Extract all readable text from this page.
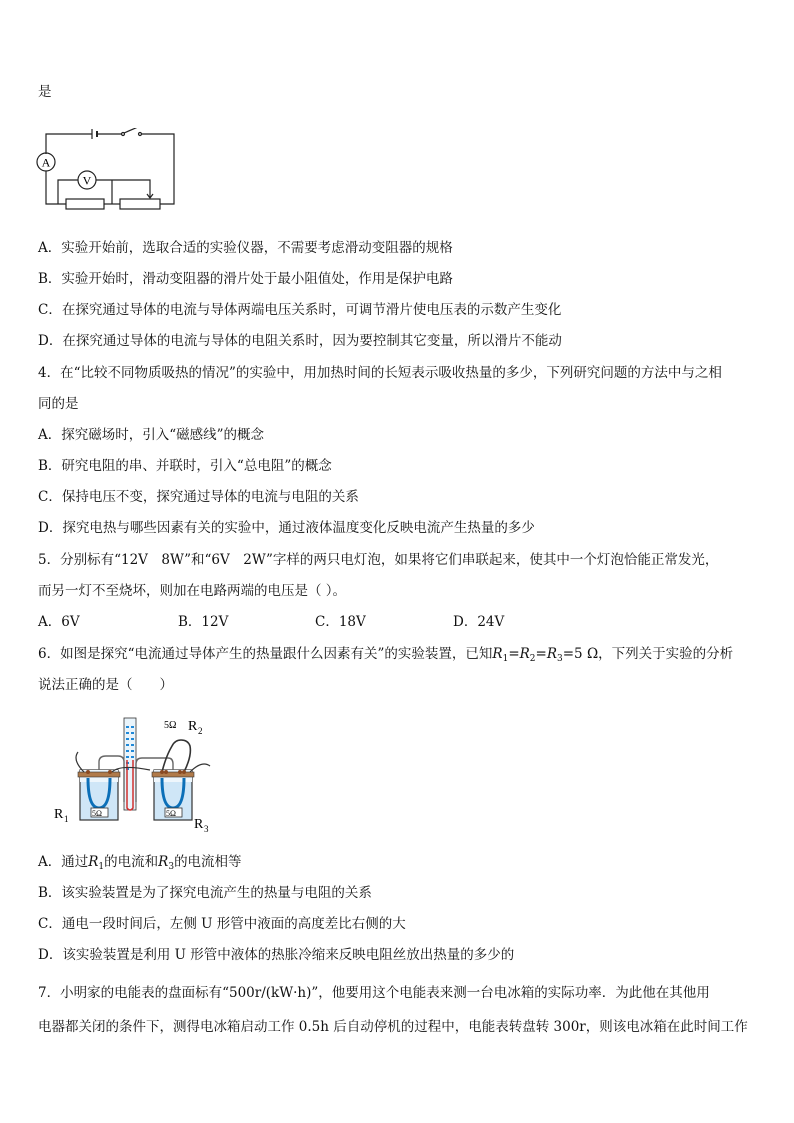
是
A
V
A．实验开始前，选取合适的实验仪器，不需要考虑滑动变阻器的规格
B．实验开始时，滑动变阻器的滑片处于最小阻值处，作用是保护电路
C．在探究通过导体的电流与导体两端电压关系时，可调节滑片使电压表的示数产生变化
D．在探究通过导体的电流与导体的电阻关系时，因为要控制其它变量，所以滑片不能动
4．在“比较不同物质吸热的情况”的实验中，用加热时间的长短表示吸收热量的多少，下列研究问题的方法中与之相
同的是
A．探究磁场时，引入“磁感线”的概念
B．研究电阻的串、并联时，引入“总电阻”的概念
C．保持电压不变，探究通过导体的电流与电阻的关系
D．探究电热与哪些因素有关的实验中，通过液体温度变化反映电流产生热量的多少
5．分别标有“12V　8W”和“6V　2W”字样的两只电灯泡，如果将它们串联起来，使其中一个灯泡恰能正常发光，
而另一灯不至烧坏，则加在电路两端的电压是（ ）。
A．6V	B．12V	C．18V	D．24V
6．如图是探究“电流通过导体产生的热量跟什么因素有关”的实验装置，已知$R_1=R_2=R_3=5$ Ω，下列关于实验的分析
说法正确的是（　　）
5Ω	5Ω
5Ω R 2
R 1	R 3
A．通过$R_1$的电流和$R_3$的电流相等
B．该实验装置是为了探究电流产生的热量与电阻的关系
C．通电一段时间后，左侧 U 形管中液面的高度差比右侧的大
D．该实验装置是利用 U 形管中液体的热胀冷缩来反映电阻丝放出热量的多少的
7．小明家的电能表的盘面标有“500r/(kW·h)”，他要用这个电能表来测一台电冰箱的实际功率．为此他在其他用
电器都关闭的条件下，测得电冰箱启动工作 0.5h 后自动停机的过程中，电能表转盘转 300r，则该电冰箱在此时间工作
